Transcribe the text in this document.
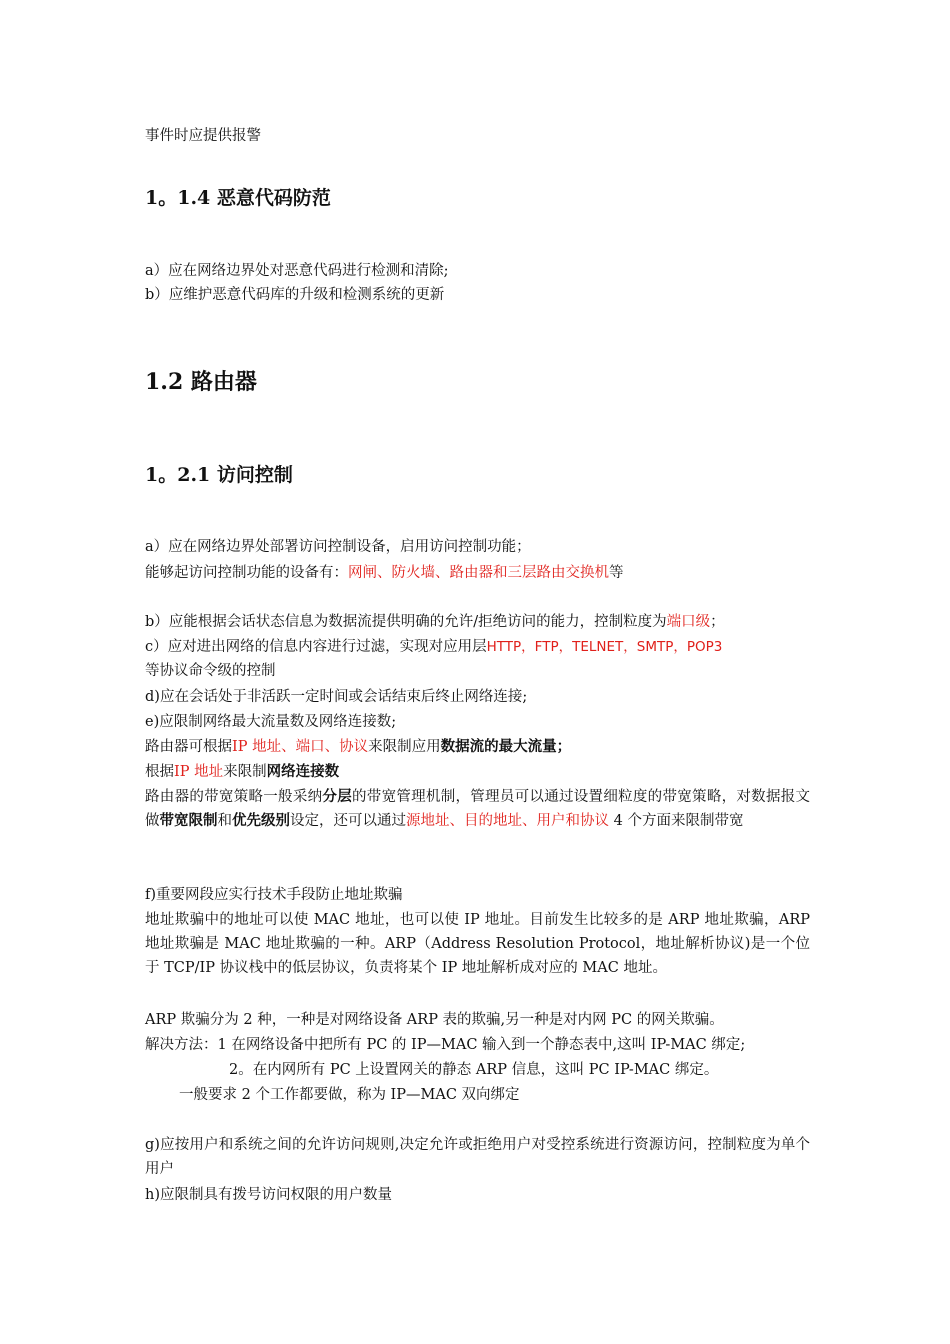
事件时应提供报警
1。1.4 恶意代码防范
a）应在网络边界处对恶意代码进行检测和清除;
b）应维护恶意代码库的升级和检测系统的更新
1.2 路由器
1。2.1 访问控制
a）应在网络边界处部署访问控制设备，启用访问控制功能；
能够起访问控制功能的设备有：网闸、防火墙、路由器和三层路由交换机等
b）应能根据会话状态信息为数据流提供明确的允许/拒绝访问的能力，控制粒度为端口级；
c）应对进出网络的信息内容进行过滤，实现对应用层HTTP，FTP，TELNET，SMTP，POP3
等协议命令级的控制
d)应在会话处于非活跃一定时间或会话结束后终止网络连接;
e)应限制网络最大流量数及网络连接数;
路由器可根据IP 地址、端口、协议来限制应用数据流的最大流量；
根据IP 地址来限制网络连接数
路由器的带宽策略一般采纳分层的带宽管理机制，管理员可以通过设置细粒度的带宽策略，对数据报文做带宽限制和优先级别设定，还可以通过源地址、目的地址、用户和协议 4 个方面来限制带宽
f)重要网段应实行技术手段防止地址欺骗
地址欺骗中的地址可以使 MAC 地址，也可以使 IP 地址。目前发生比较多的是 ARP 地址欺骗，ARP 地址欺骗是 MAC 地址欺骗的一种。ARP（Address Resolution Protocol，地址解析协议)是一个位于 TCP/IP 协议栈中的低层协议，负责将某个 IP 地址解析成对应的 MAC 地址。
ARP 欺骗分为 2 种，一种是对网络设备 ARP 表的欺骗,另一种是对内网 PC 的网关欺骗。
解决方法：1 在网络设备中把所有 PC 的 IP—MAC 输入到一个静态表中,这叫 IP-MAC 绑定;
2。在内网所有 PC 上设置网关的静态 ARP 信息，这叫 PC IP-MAC 绑定。
一般要求 2 个工作都要做，称为 IP—MAC 双向绑定
g)应按用户和系统之间的允许访问规则,决定允许或拒绝用户对受控系统进行资源访问，控制粒度为单个用户
h)应限制具有拨号访问权限的用户数量
